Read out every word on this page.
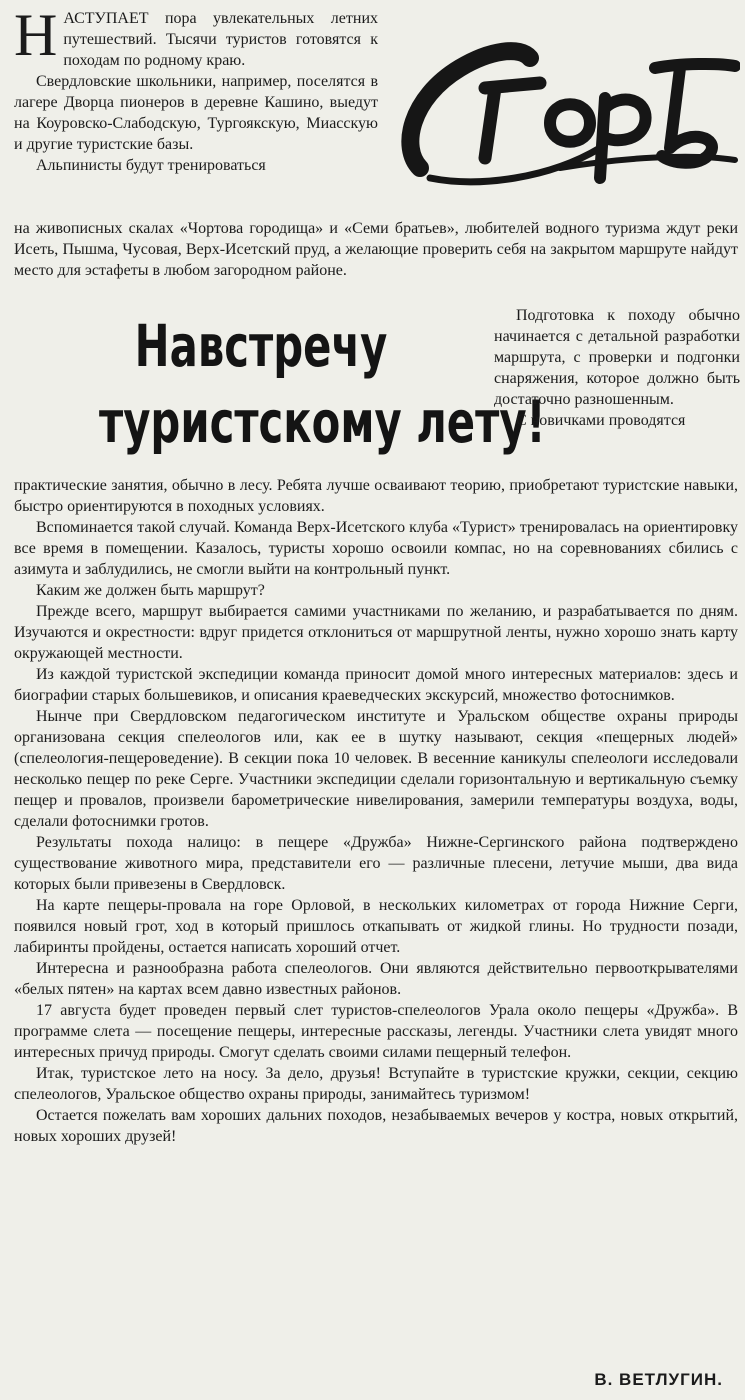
Н АСТУПАЕТ пора увлекательных летних путешествий. Тысячи туристов готовятся к походам по родному краю.

Свердловские школьники, например, поселятся в лагере Дворца пионеров в деревне Кашино, выедут на Коуровско-Слабодскую, Тургоякскую, Миасскую и другие туристские базы.

Альпинисты будут тренироваться

Спорт

на живописных скалах «Чортова городища» и «Семи братьев», любителей водного туризма ждут реки Исеть, Пышма, Чусовая, Верх-Исетский пруд, а желающие проверить себя на закрытом маршруте найдут место для эстафеты в любом загородном районе.

Навстречу
туристскому лету!

Подготовка к походу обычно начинается с детальной разработки маршрута, с проверки и подгонки снаряжения, которое должно быть достаточно разношенным.

С новичками проводятся

практические занятия, обычно в лесу. Ребята лучше осваивают теорию, приобретают туристские навыки, быстро ориентируются в походных условиях.

Вспоминается такой случай. Команда Верх-Исетского клуба «Турист» тренировалась на ориентировку все время в помещении. Казалось, туристы хорошо освоили компас, но на соревнованиях сбились с азимута и заблудились, не смогли выйти на контрольный пункт.

Каким же должен быть маршрут?

Прежде всего, маршрут выбирается самими участниками по желанию, и разрабатывается по дням. Изучаются и окрестности: вдруг придется отклониться от маршрутной ленты, нужно хорошо знать карту окружающей местности.

Из каждой туристской экспедиции команда приносит домой много интересных материалов: здесь и биографии старых большевиков, и описания краеведческих экскурсий, множество фотоснимков.

Нынче при Свердловском педагогическом институте и Уральском обществе охраны природы организована секция спелеологов или, как ее в шутку называют, секция «пещерных людей» (спелеология-пещероведение). В секции пока 10 человек. В весенние каникулы спелеологи исследовали несколько пещер по реке Серге. Участники экспедиции сделали горизонтальную и вертикальную съемку пещер и провалов, произвели барометрические нивелирования, замерили температуры воздуха, воды, сделали фотоснимки гротов.

Результаты похода налицо: в пещере «Дружба» Нижне-Сергинского района подтверждено существование животного мира, представители его — различные плесени, летучие мыши, два вида которых были привезены в Свердловск.

На карте пещеры-провала на горе Орловой, в нескольких километрах от города Нижние Серги, появился новый грот, ход в который пришлось откапывать от жидкой глины. Но трудности позади, лабиринты пройдены, остается написать хороший отчет.

Интересна и разнообразна работа спелеологов. Они являются действительно первооткрывателями «белых пятен» на картах всем давно известных районов.

17 августа будет проведен первый слет туристов-спелеологов Урала около пещеры «Дружба». В программе слета — посещение пещеры, интересные рассказы, легенды. Участники слета увидят много интересных причуд природы. Смогут сделать своими силами пещерный телефон.

Итак, туристское лето на носу. За дело, друзья! Вступайте в туристские кружки, секции, секцию спелеологов, Уральское общество охраны природы, занимайтесь туризмом!

Остается пожелать вам хороших дальних походов, незабываемых вечеров у костра, новых открытий, новых хороших друзей!

В. ВЕТЛУГИН.
